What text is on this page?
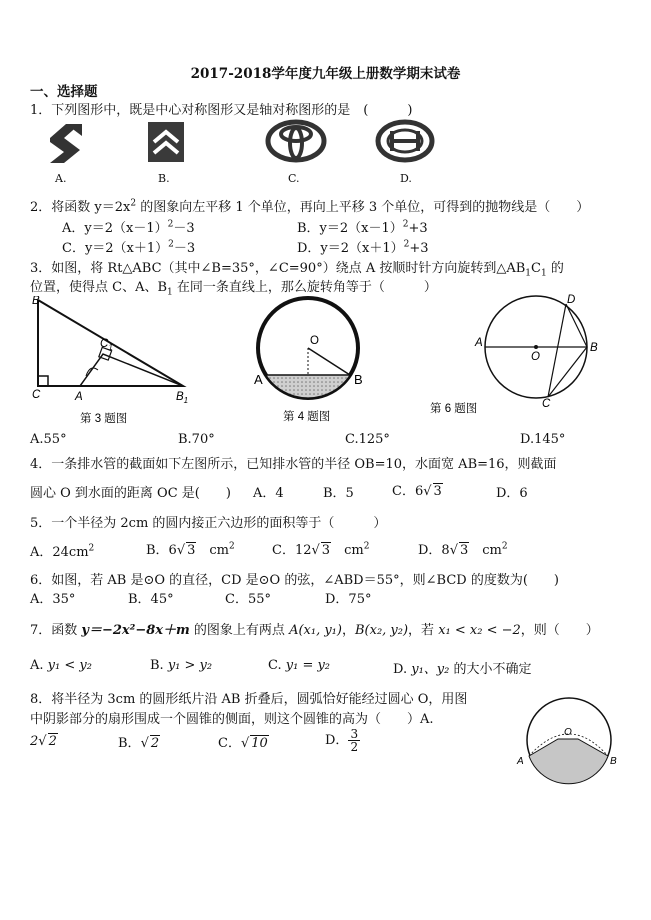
2017-2018学年度九年级上册数学期末试卷
一、选择题
1．下列图形中，既是中心对称图形又是轴对称图形的是　(　　　)
A.	B.	C.	D.
2．将函数 $y=2x^2$ 的图象向左平移 1 个单位，再向上平移 3 个单位，可得到的抛物线是（　　）
A．$y=2(x-1)^2-3$	B．$y=2(x-1)^2+3$
C．$y=2(x+1)^2-3$	D．$y=2(x+1)^2+3$
3．如图，将 Rt△ABC（其中∠B=35°，∠C=90°）绕点 A 按顺时针方向旋转到$\triangle AB_1C_1$ 的
位置，使得点 C、A、$B_1$ 在同一条直线上，那么旋转角等于（　　　）
B
C	A	$B_1$
$C_1$
第 3 题图
O
A	B
第 4 题图
A	B
C
D
O
第 6 题图
A.55°	B.70°	C.125°	D.145°
4．一条排水管的截面如下左图所示，已知排水管的半径 OB=10，水面宽 AB=16，则截面
圆心 O 到水面的距离 OC 是(　　) A．4	B．5	C．6√ 3	D．6
5．一个半径为 2cm 的圆内接正六边形的面积等于（　　　）
A．$24cm^2$	B．6√ 3　$cm^2$	C．12√ 3　$cm^2$	D．8√ 3　$cm^2$
6．如图，若 AB 是⊙O 的直径，CD 是⊙O 的弦，∠ABD＝55°，则∠BCD 的度数为(　　)
A．35°	B．45°	C．55°	D．75°
7．函数 y＝−2x²−8x＋m 的图象上有两点 A(x₁, y₁)，B(x₂, y₂)，若 x₁ < x₂ < −2，则（　　）
A. y₁ < y₂	B. y₁ > y₂	C. y₁ = y₂	D. y₁、y₂ 的大小不确定
8．将半径为 3cm 的圆形纸片沿 AB 折叠后，圆弧恰好能经过圆心 O，用图
中阴影部分的扇形围成一个圆锥的侧面，则这个圆锥的高为（　　）A.
2√ 2	B．√ 2	C．√ 10	D． $\frac{3}{2}$	O
A	B
